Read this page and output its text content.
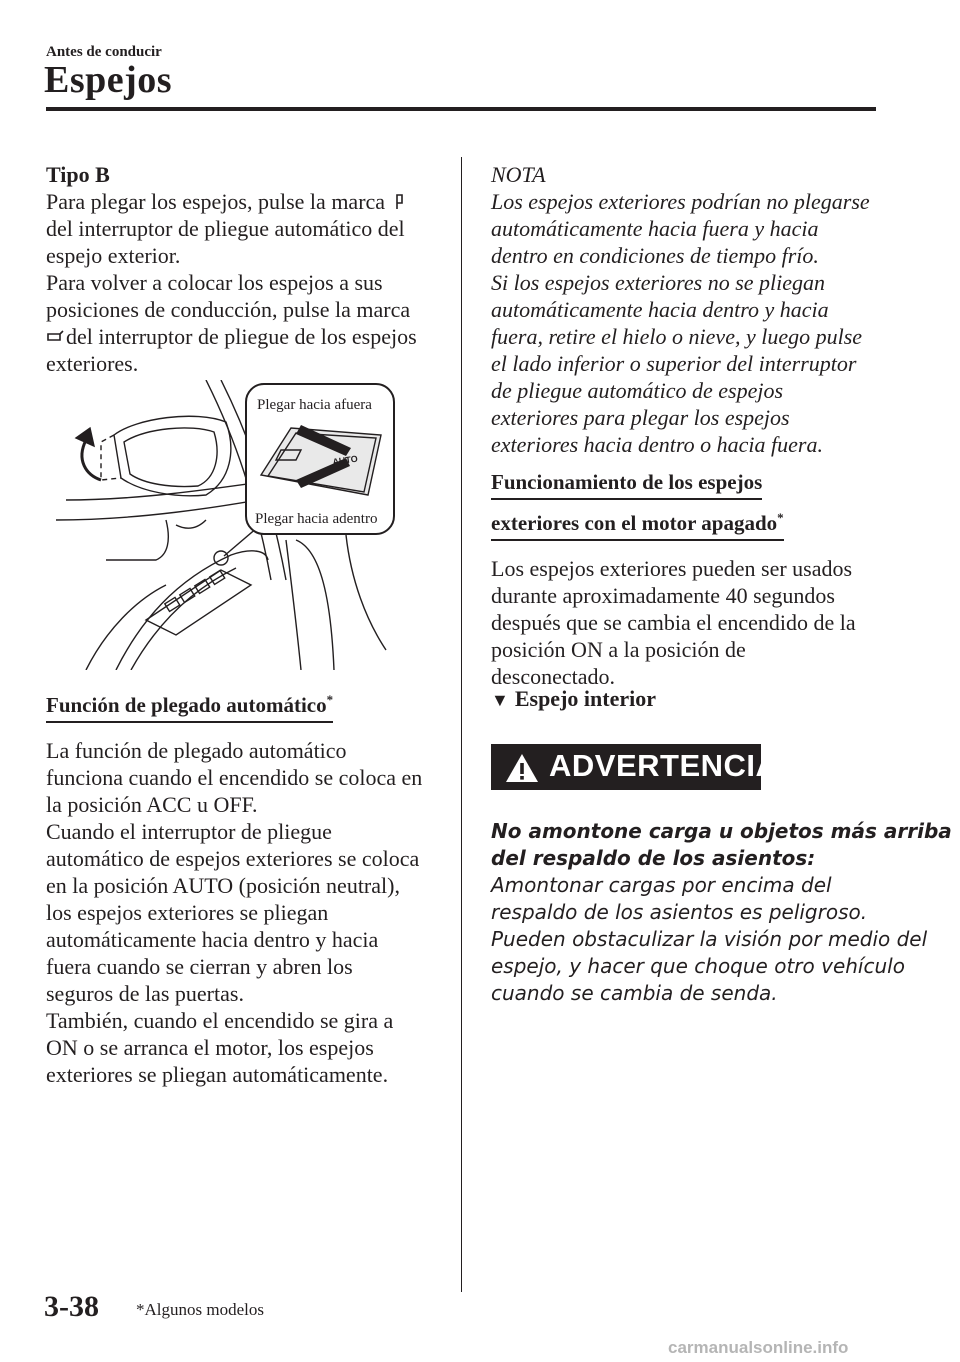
Antes de conducir
Espejos
Tipo B
Para plegar los espejos, pulse la marca
del interruptor de pliegue automático del
espejo exterior.
Para volver a colocar los espejos a sus
posiciones de conducción, pulse la marca
del interruptor de pliegue de los espejos
exteriores.
Plegar hacia afuera
Plegar hacia adentro
AUTO
Función de plegado automático*
La función de plegado automático
funciona cuando el encendido se coloca en
la posición ACC u OFF.
Cuando el interruptor de pliegue
automático de espejos exteriores se coloca
en la posición AUTO (posición neutral),
los espejos exteriores se pliegan
automáticamente hacia dentro y hacia
fuera cuando se cierran y abren los
seguros de las puertas.
También, cuando el encendido se gira a
ON o se arranca el motor, los espejos
exteriores se pliegan automáticamente.
NOTA
Los espejos exteriores podrían no plegarse
automáticamente hacia fuera y hacia
dentro en condiciones de tiempo frío.
Si los espejos exteriores no se pliegan
automáticamente hacia dentro y hacia
fuera, retire el hielo o nieve, y luego pulse
el lado inferior o superior del interruptor
de pliegue automático de espejos
exteriores para plegar los espejos
exteriores hacia dentro o hacia fuera.
Funcionamiento de los espejos
exteriores con el motor apagado*
Los espejos exteriores pueden ser usados
durante aproximadamente 40 segundos
después que se cambia el encendido de la
posición ON a la posición de
desconectado.
▼ Espejo interior
ADVERTENCIA
No amontone carga u objetos más arriba
del respaldo de los asientos:
Amontonar cargas por encima del
respaldo de los asientos es peligroso.
Pueden obstaculizar la visión por medio del
espejo, y hacer que choque otro vehículo
cuando se cambia de senda.
3-38 *Algunos modelos
carmanualsonline.info
